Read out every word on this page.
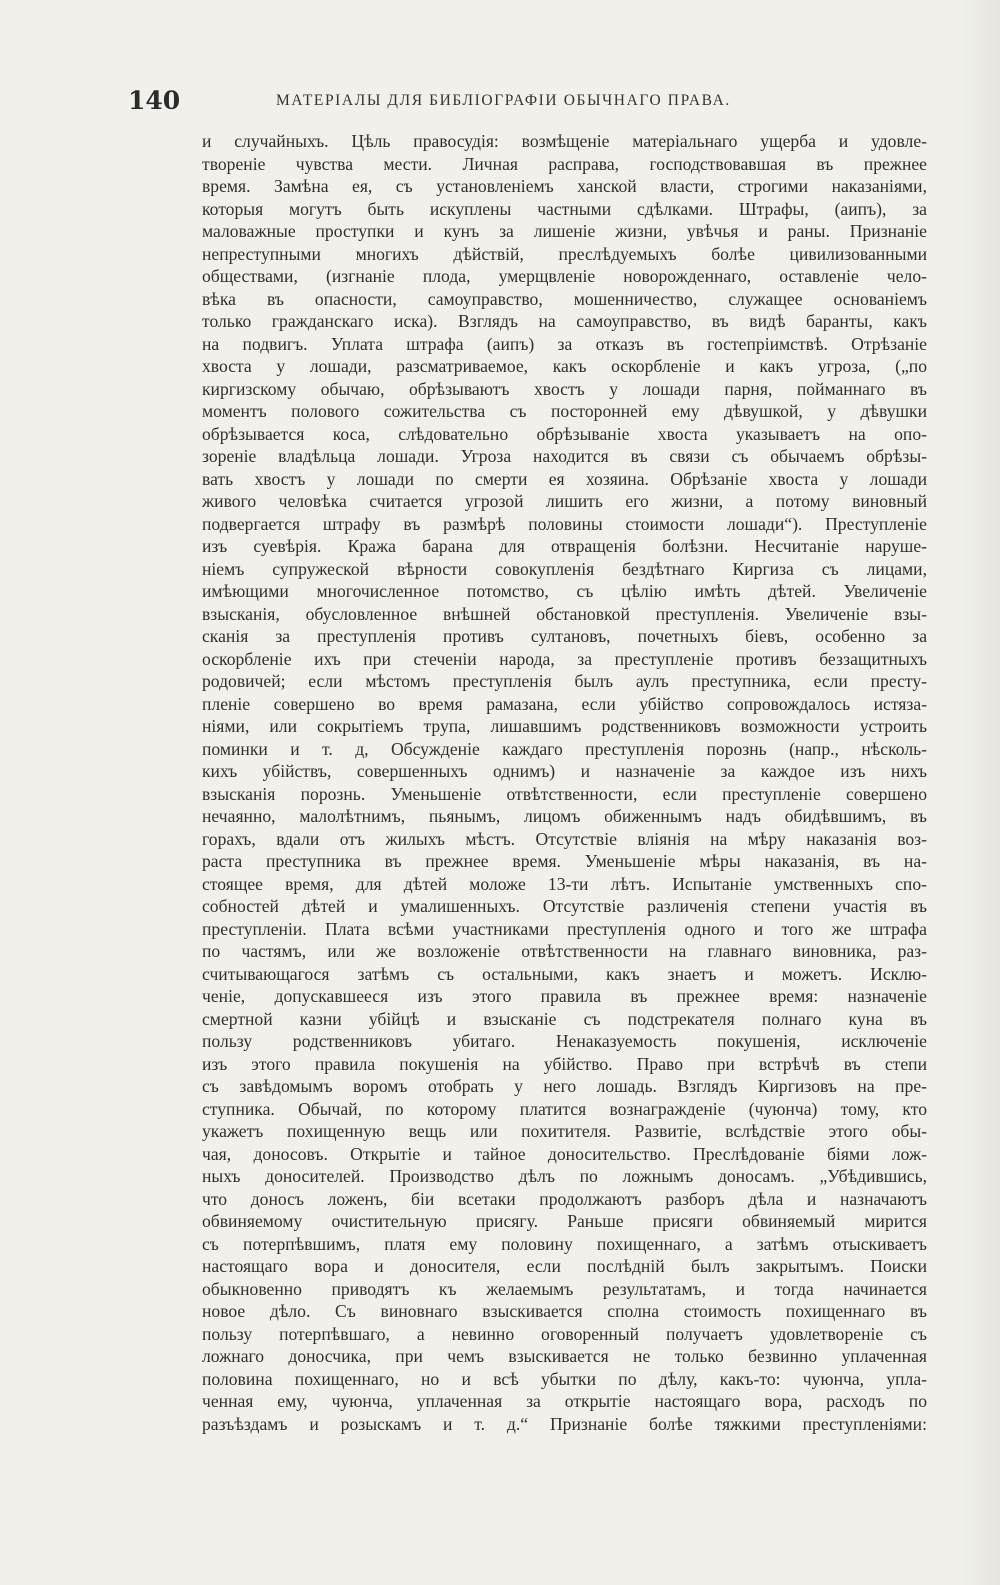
140	МАТЕРІАЛЫ ДЛЯ БИБЛІОГРАФІИ ОБЫЧНАГО ПРАВА.
и случайныхъ. Цѣль правосудія: возмѣщеніе матеріальнаго ущерба и удовле-
твореніе чувства мести. Личная расправа, господствовавшая въ прежнее
время. Замѣна ея, съ установленіемъ ханской власти, строгими наказаніями,
которыя могутъ быть искуплены частными сдѣлками. Штрафы, (аипъ), за
маловажные проступки и кунъ за лишеніе жизни, увѣчья и раны. Признаніе
непреступными многихъ дѣйствій, преслѣдуемыхъ болѣе цивилизованными
обществами, (изгнаніе плода, умерщвленіе новорожденнаго, оставленіе чело-
вѣка въ опасности, самоуправство, мошенничество, служащее основаніемъ
только гражданскаго иска). Взглядъ на самоуправство, въ видѣ баранты, какъ
на подвигъ. Уплата штрафа (аипъ) за отказъ въ гостепріимствѣ. Отрѣзаніе
хвоста у лошади, разсматриваемое, какъ оскорбленіе и какъ угроза, („по
киргизскому обычаю, обрѣзываютъ хвостъ у лошади парня, пойманнаго въ
моментъ полового сожительства съ посторонней ему дѣвушкой, у дѣвушки
обрѣзывается коса, слѣдовательно обрѣзываніе хвоста указываетъ на опо-
зореніе владѣльца лошади. Угроза находится въ связи съ обычаемъ обрѣзы-
вать хвостъ у лошади по смерти ея хозяина. Обрѣзаніе хвоста у лошади
живого человѣка считается угрозой лишить его жизни, а потому виновный
подвергается штрафу въ размѣрѣ половины стоимости лошади“). Преступленіе
изъ суевѣрія. Кража барана для отвращенія болѣзни. Несчитаніе наруше-
ніемъ супружеской вѣрности совокупленія бездѣтнаго Киргиза съ лицами,
имѣющими многочисленное потомство, съ цѣлію имѣть дѣтей. Увеличеніе
взысканія, обусловленное внѣшней обстановкой преступленія. Увеличеніе взы-
сканія за преступленія противъ султановъ, почетныхъ біевъ, особенно за
оскорбленіе ихъ при стеченіи народа, за преступленіе противъ беззащитныхъ
родовичей; если мѣстомъ преступленія былъ аулъ преступника, если престу-
пленіе совершено во время рамазана, если убійство сопровождалось истяза-
ніями, или сокрытіемъ трупа, лишавшимъ родственниковъ возможности устроить
поминки и т. д, Обсужденіе каждаго преступленія порознь (напр., нѣсколь-
кихъ убійствъ, совершенныхъ однимъ) и назначеніе за каждое изъ нихъ
взысканія порознь. Уменьшеніе отвѣтственности, если преступленіе совершено
нечаянно, малолѣтнимъ, пьянымъ, лицомъ обиженнымъ надъ обидѣвшимъ, въ
горахъ, вдали отъ жилыхъ мѣстъ. Отсутствіе вліянія на мѣру наказанія воз-
раста преступника въ прежнее время. Уменьшеніе мѣры наказанія, въ на-
стоящее время, для дѣтей моложе 13-ти лѣтъ. Испытаніе умственныхъ спо-
собностей дѣтей и умалишенныхъ. Отсутствіе различенія степени участія въ
преступленіи. Плата всѣми участниками преступленія одного и того же штрафа
по частямъ, или же возложеніе отвѣтственности на главнаго виновника, раз-
считывающагося затѣмъ съ остальными, какъ знаетъ и можетъ. Исклю-
ченіе, допускавшееся изъ этого правила въ прежнее время: назначеніе
смертной казни убійцѣ и взысканіе съ подстрекателя полнаго куна въ
пользу родственниковъ убитаго. Ненаказуемость покушенія, исключеніе
изъ этого правила покушенія на убійство. Право при встрѣчѣ въ степи
съ завѣдомымъ воромъ отобрать у него лошадь. Взглядъ Киргизовъ на пре-
ступника. Обычай, по которому платится вознагражденіе (чуюнча) тому, кто
укажетъ похищенную вещь или похитителя. Развитіе, вслѣдствіе этого обы-
чая, доносовъ. Открытіе и тайное доносительство. Преслѣдованіе біями лож-
ныхъ доносителей. Производство дѣлъ по ложнымъ доносамъ. „Убѣдившись,
что доносъ ложенъ, біи всетаки продолжаютъ разборъ дѣла и назначаютъ
обвиняемому очистительную присягу. Раньше присяги обвиняемый мирится
съ потерпѣвшимъ, платя ему половину похищеннаго, а затѣмъ отыскиваетъ
настоящаго вора и доносителя, если послѣдній былъ закрытымъ. Поиски
обыкновенно приводятъ къ желаемымъ результатамъ, и тогда начинается
новое дѣло. Съ виновнаго взыскивается сполна стоимость похищеннаго въ
пользу потерпѣвшаго, а невинно оговоренный получаетъ удовлетвореніе съ
ложнаго доносчика, при чемъ взыскивается не только безвинно уплаченная
половина похищеннаго, но и всѣ убытки по дѣлу, какъ-то: чуюнча, упла-
ченная ему, чуюнча, уплаченная за открытіе настоящаго вора, расходъ по
разъѣздамъ и розыскамъ и т. д.“ Признаніе болѣе тяжкими преступленіями:
